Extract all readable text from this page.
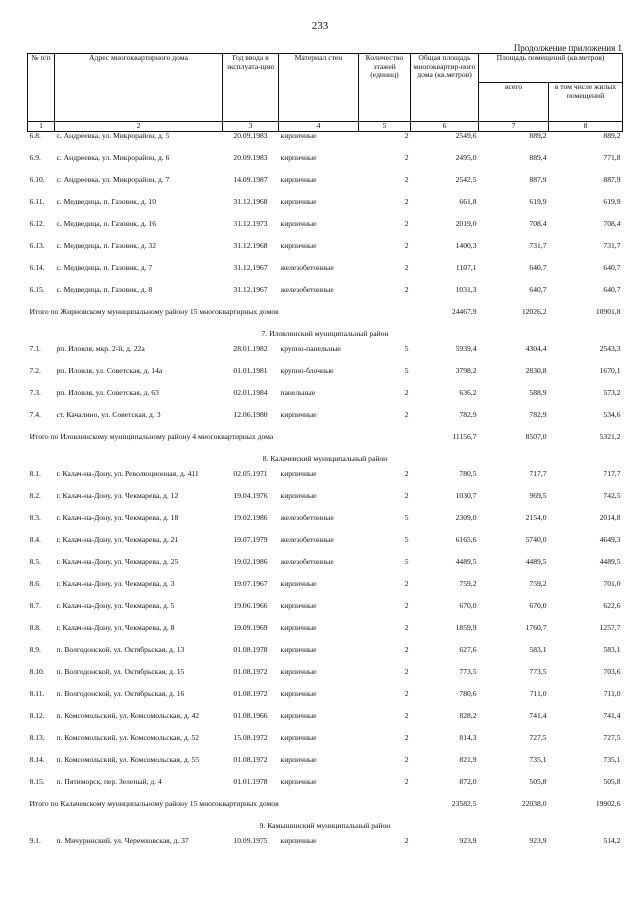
233
Продолжение приложения 1
№ п/п	Адрес многоквартирного дома	Год ввода в эксплуата-цию	Материал стен	Количество этажей (единиц)	Общая площадь многоквартир-ного дома (кв.метров)	Площадь помещений (кв.метров)	
						всего	в том числе жилых помещений
1	2	3	4	5	6	7	8
6.8.	с. Андреевка, ул. Микрорайон, д. 5	20.09.1983	кирпичные	2	2549,6	889,2	889,2
6.9.	с. Андреевка, ул. Микрорайон, д. 6	20.09.1983	кирпичные	2	2495,0	889,4	771,8
6.10.	с. Андреевка, ул. Микрорайон, д. 7	14.09.1987	кирпичные	2	2542,5	887,9	887,9
6.11.	с. Медведица, п. Газовик, д. 10	31.12.1968	кирпичные	2	661,8	619,9	619,9
6.12.	с. Медведица, п. Газовик, д. 16	31.12.1973	кирпичные	2	2019,0	708,4	708,4
6.13.	с. Медведица, п. Газовик, д. 32	31.12.1968	кирпичные	2	1400,3	731,7	731,7
6.14.	с. Медведица, п. Газовик, д. 7	31.12.1967	железобетонные	2	1107,1	640,7	640,7
6.15.	с. Медведица, п. Газовик, д. 8	31.12.1967	железобетонные	2	1031,3	640,7	640,7
Итого по Жирновскому муниципальному району 15 многоквартирных домов					24467,9	12026,2	10901,8
7. Иловлинский муниципальный район							
7.1.	рп. Иловля, мкр. 2-й, д. 22а	28.01.1982	крупно-панельные	5	5939,4	4304,4	2543,3
7.2.	рп. Иловля, ул. Советская, д. 14а	01.01.1981	крупно-блочные	5	3798,2	2830,8	1670,1
7.3.	рп. Иловля, ул. Советская, д. 63	02.01.1984	панельные	2	636,2	588,9	573,2
7.4.	ст. Качалино, ул. Советская, д. 3	12.06.1980	кирпичные	2	782,9	782,9	534,6
Итого по Иловлинскому муниципальному району 4 многоквартирных дома					11156,7	8507,0	5321,2
8. Калачевский муниципальный район							
8.1.	г. Калач-на-Дону, ул. Революционная, д. 411	02.05.1971	кирпичные	2	780,5	717,7	717,7
8.2.	г. Калач-на-Дону, ул. Чекмарева, д. 12	19.04.1976	кирпичные	2	1030,7	969,5	742,5
8.3.	г. Калач-на-Дону, ул. Чекмарева, д. 18	19.02.1986	железобетонные	5	2309,0	2154,0	2014,8
8.4.	г. Калач-на-Дону, ул. Чекмарева, д. 21	19.07.1979	железобетонные	5	6165,6	5740,0	4649,3
8.5.	г. Калач-на-Дону, ул. Чекмарева, д. 25	19.02.1986	железобетонные	5	4489,5	4489,5	4489,5
8.6.	г. Калач-на-Дону, ул. Чекмарева, д. 3	19.07.1967	кирпичные	2	759,2	759,2	701,0
8.7.	г. Калач-на-Дону, ул. Чекмарева, д. 5	19.06.1966	кирпичные	2	670,0	670,0	622,6
8.8.	г. Калач-на-Дону, ул. Чекмарева, д. 8	19.09.1969	кирпичные	2	1859,9	1760,7	1257,7
8.9.	п. Волгодонской, ул. Октябрьская, д. 13	01.08.1978	кирпичные	2	627,6	583,1	583,1
8.10.	п. Волгодонской, ул. Октябрьская, д. 15	01.08.1972	кирпичные	2	773,5	773,5	703,6
8.11.	п. Волгодонской, ул. Октябрьская, д. 16	01.08.1972	кирпичные	2	780,6	711,0	711,0
8.12.	п. Комсомольский, ул. Комсомольская, д. 42	01.08.1966	кирпичные	2	828,2	741,4	741,4
8.13.	п. Комсомольский, ул. Комсомольская, д. 52	15.08.1972	кирпичные	2	814,3	727,5	727,5
8.14.	п. Комсомольский, ул. Комсомольская, д. 55	01.08.1972	кирпичные	2	821,9	735,1	735,1
8.15.	п. Пятиморск, пер. Зеленый, д. 4	01.01.1978	кирпичные	2	872,0	505,8	505,8
Итого по Калачевскому муниципальному району 15 многоквартирных домов					23582,5	22038,0	19902,6
9. Камышинский муниципальный район							
9.1.	п. Мичуринский, ул. Черемховская, д. 37	10.09.1975	кирпичные	2	923,9	923,9	514,2
